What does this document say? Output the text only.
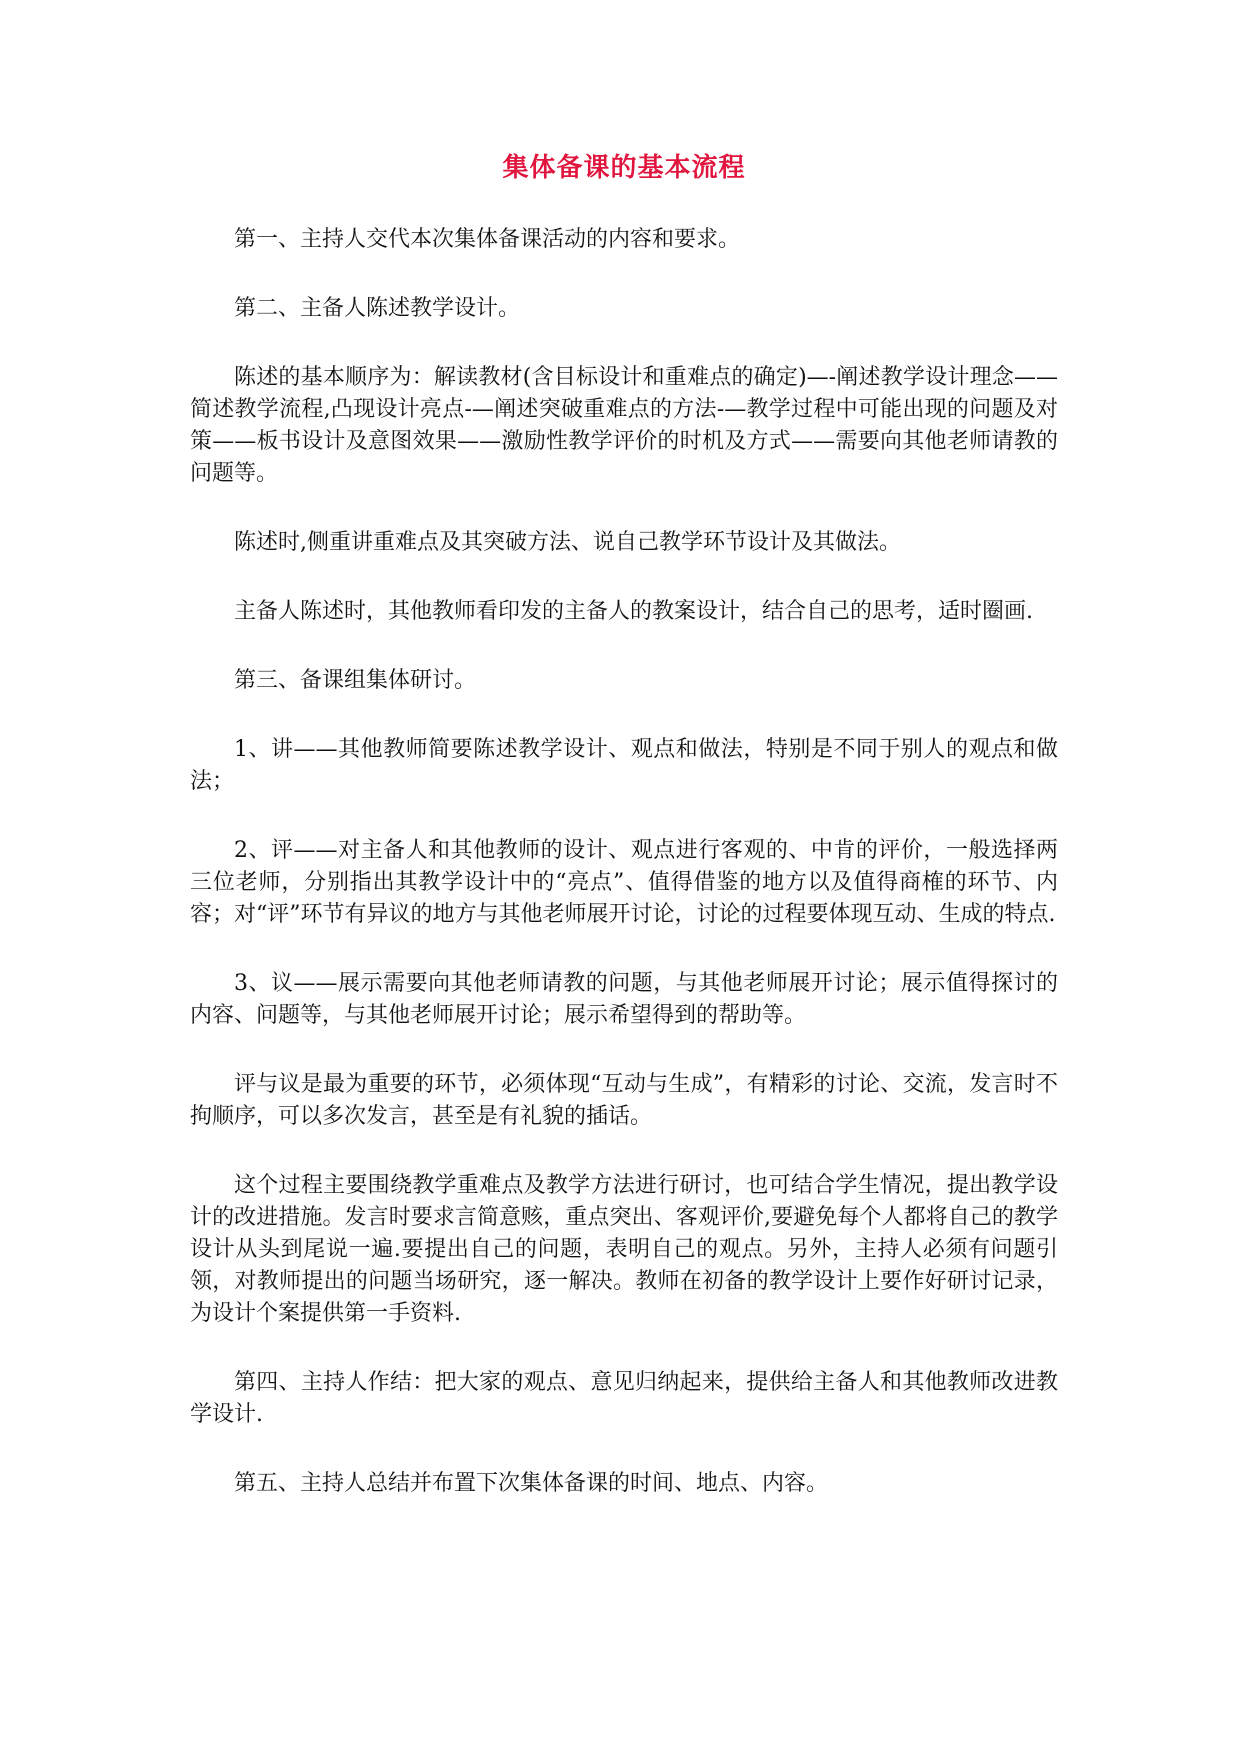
集体备课的基本流程

第一、主持人交代本次集体备课活动的内容和要求。

第二、主备人陈述教学设计。

陈述的基本顺序为：解读教材(含目标设计和重难点的确定)—-阐述教学设计理念——简述教学流程,凸现设计亮点-—阐述突破重难点的方法-—教学过程中可能出现的问题及对策——板书设计及意图效果——激励性教学评价的时机及方式——需要向其他老师请教的问题等。

陈述时,侧重讲重难点及其突破方法、说自己教学环节设计及其做法。

主备人陈述时，其他教师看印发的主备人的教案设计，结合自己的思考，适时圈画.

第三、备课组集体研讨。

1、讲——其他教师简要陈述教学设计、观点和做法，特别是不同于别人的观点和做法；

2、评——对主备人和其他教师的设计、观点进行客观的、中肯的评价，一般选择两三位老师，分别指出其教学设计中的“亮点”、值得借鉴的地方以及值得商榷的环节、内容；对“评”环节有异议的地方与其他老师展开讨论，讨论的过程要体现互动、生成的特点.

3、议——展示需要向其他老师请教的问题，与其他老师展开讨论；展示值得探讨的内容、问题等，与其他老师展开讨论；展示希望得到的帮助等。

评与议是最为重要的环节，必须体现“互动与生成”，有精彩的讨论、交流，发言时不拘顺序，可以多次发言，甚至是有礼貌的插话。

这个过程主要围绕教学重难点及教学方法进行研讨，也可结合学生情况，提出教学设计的改进措施。发言时要求言简意赅，重点突出、客观评价,要避免每个人都将自己的教学设计从头到尾说一遍.要提出自己的问题，表明自己的观点。另外，主持人必须有问题引领，对教师提出的问题当场研究，逐一解决。教师在初备的教学设计上要作好研讨记录，为设计个案提供第一手资料.

第四、主持人作结：把大家的观点、意见归纳起来，提供给主备人和其他教师改进教学设计.

第五、主持人总结并布置下次集体备课的时间、地点、内容。
